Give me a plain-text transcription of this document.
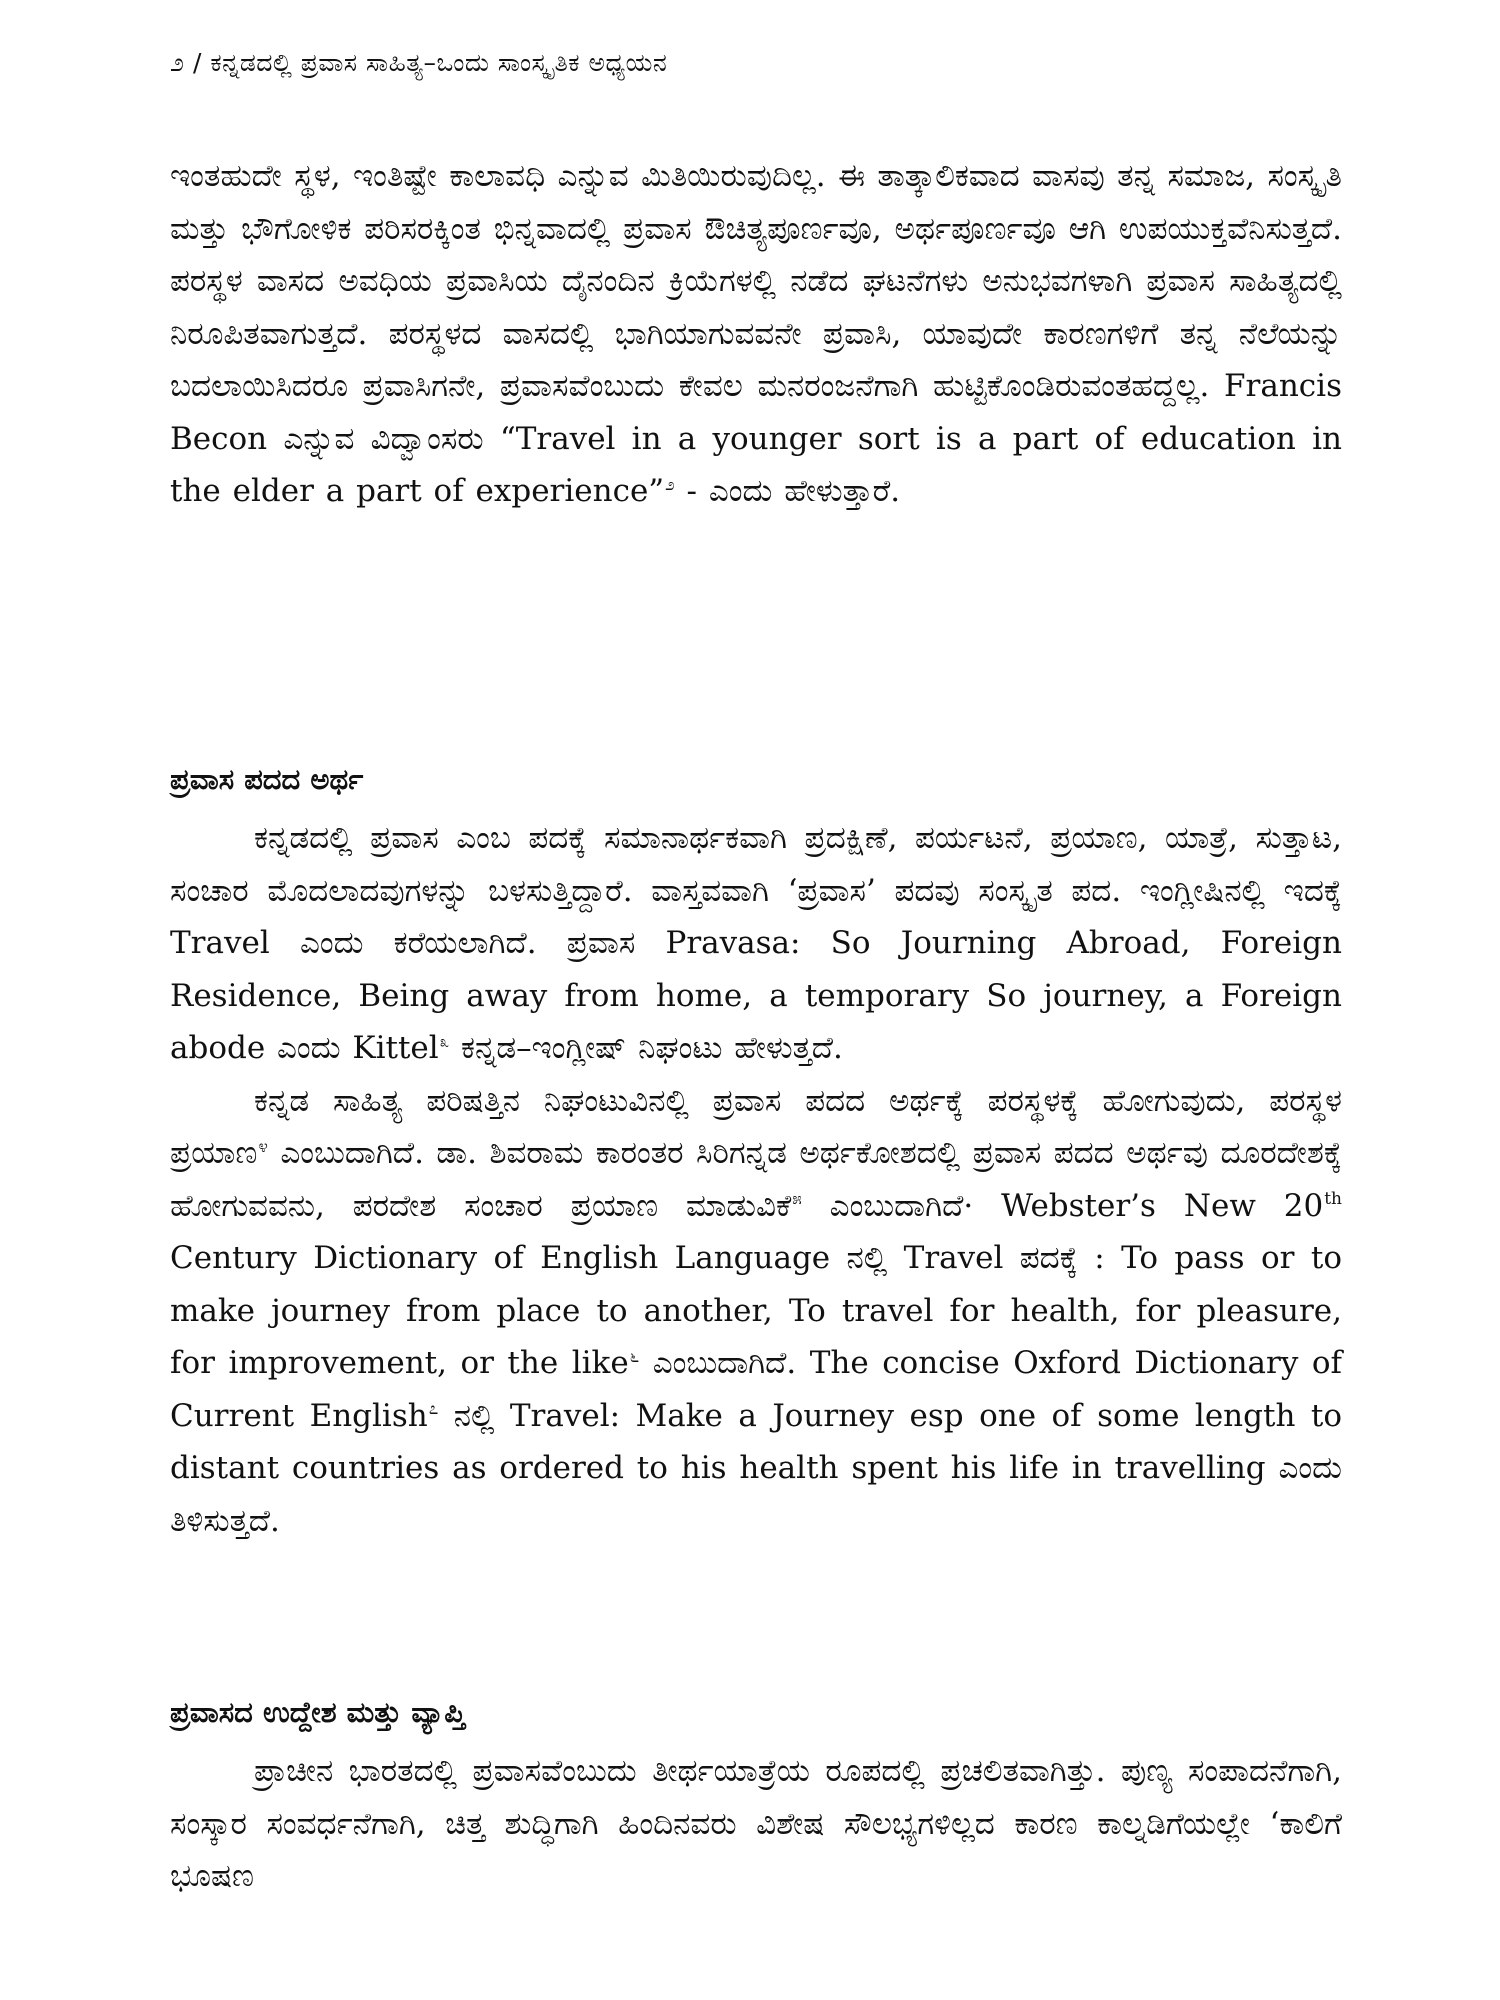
೨ / ಕನ್ನಡದಲ್ಲಿ ಪ್ರವಾಸ ಸಾಹಿತ್ಯ–ಒಂದು ಸಾಂಸ್ಕೃತಿಕ ಅಧ್ಯಯನ

ಇಂತಹುದೇ ಸ್ಥಳ, ಇಂತಿಷ್ಟೇ ಕಾಲಾವಧಿ ಎನ್ನುವ ಮಿತಿಯಿರುವುದಿಲ್ಲ. ಈ ತಾತ್ಕಾಲಿಕವಾದ ವಾಸವು ತನ್ನ ಸಮಾಜ, ಸಂಸ್ಕೃತಿ ಮತ್ತು ಭೌಗೋಳಿಕ ಪರಿಸರಕ್ಕಿಂತ ಭಿನ್ನವಾದಲ್ಲಿ ಪ್ರವಾಸ ಔಚಿತ್ಯಪೂರ್ಣವೂ, ಅರ್ಥಪೂರ್ಣವೂ ಆಗಿ ಉಪಯುಕ್ತವೆನಿಸುತ್ತದೆ. ಪರಸ್ಥಳ ವಾಸದ ಅವಧಿಯ ಪ್ರವಾಸಿಯ ದೈನಂದಿನ ಕ್ರಿಯೆಗಳಲ್ಲಿ ನಡೆದ ಘಟನೆಗಳು ಅನುಭವಗಳಾಗಿ ಪ್ರವಾಸ ಸಾಹಿತ್ಯದಲ್ಲಿ ನಿರೂಪಿತವಾಗುತ್ತದೆ. ಪರಸ್ಥಳದ ವಾಸದಲ್ಲಿ ಭಾಗಿಯಾಗುವವನೇ ಪ್ರವಾಸಿ, ಯಾವುದೇ ಕಾರಣಗಳಿಗೆ ತನ್ನ ನೆಲೆಯನ್ನು ಬದಲಾಯಿಸಿದರೂ ಪ್ರವಾಸಿಗನೇ, ಪ್ರವಾಸವೆಂಬುದು ಕೇವಲ ಮನರಂಜನೆಗಾಗಿ ಹುಟ್ಟಿಕೊಂಡಿರುವಂತಹದ್ದಲ್ಲ. Francis Becon ಎನ್ನುವ ವಿದ್ವಾಂಸರು “Travel in a younger sort is a part of education in the elder a part of experience”$^೨$ - ಎಂದು ಹೇಳುತ್ತಾರೆ.

ಪ್ರವಾಸ ಪದದ ಅರ್ಥ

ಕನ್ನಡದಲ್ಲಿ ಪ್ರವಾಸ ಎಂಬ ಪದಕ್ಕೆ ಸಮಾನಾರ್ಥಕವಾಗಿ ಪ್ರದಕ್ಷಿಣೆ, ಪರ್ಯಟನೆ, ಪ್ರಯಾಣ, ಯಾತ್ರೆ, ಸುತ್ತಾಟ, ಸಂಚಾರ ಮೊದಲಾದವುಗಳನ್ನು ಬಳಸುತ್ತಿದ್ದಾರೆ. ವಾಸ್ತವವಾಗಿ ‘ಪ್ರವಾಸ’ ಪದವು ಸಂಸ್ಕೃತ ಪದ. ಇಂಗ್ಲೀಷಿನಲ್ಲಿ ಇದಕ್ಕೆ Travel ಎಂದು ಕರೆಯಲಾಗಿದೆ. ಪ್ರವಾಸ Pravasa: So Journing Abroad, Foreign Residence, Being away from home, a temporary So journey, a Foreign abode ಎಂದು Kittel$^೩$ ಕನ್ನಡ–ಇಂಗ್ಲೀಷ್ ನಿಘಂಟು ಹೇಳುತ್ತದೆ.

ಕನ್ನಡ ಸಾಹಿತ್ಯ ಪರಿಷತ್ತಿನ ನಿಘಂಟುವಿನಲ್ಲಿ ಪ್ರವಾಸ ಪದದ ಅರ್ಥಕ್ಕೆ ಪರಸ್ಥಳಕ್ಕೆ ಹೋಗುವುದು, ಪರಸ್ಥಳ ಪ್ರಯಾಣ$^೪$ ಎಂಬುದಾಗಿದೆ. ಡಾ. ಶಿವರಾಮ ಕಾರಂತರ ಸಿರಿಗನ್ನಡ ಅರ್ಥಕೋಶದಲ್ಲಿ ಪ್ರವಾಸ ಪದದ ಅರ್ಥವು ದೂರದೇಶಕ್ಕೆ ಹೋಗುವವನು, ಪರದೇಶ ಸಂಚಾರ ಪ್ರಯಾಣ ಮಾಡುವಿಕೆ$^೫$ ಎಂಬುದಾಗಿದೆ· Webster’s New 20th Century Dictionary of English Language ನಲ್ಲಿ Travel ಪದಕ್ಕೆ : To pass or to make journey from place to another, To travel for health, for pleasure, for improvement, or the like$^೬$ ಎಂಬುದಾಗಿದೆ. The concise Oxford Dictionary of Current English$^೭$ ನಲ್ಲಿ Travel: Make a Journey esp one of some length to distant countries as ordered to his health spent his life in travelling ಎಂದು ತಿಳಿಸುತ್ತದೆ.

ಪ್ರವಾಸದ ಉದ್ದೇಶ ಮತ್ತು ವ್ಯಾಪ್ತಿ

ಪ್ರಾಚೀನ ಭಾರತದಲ್ಲಿ ಪ್ರವಾಸವೆಂಬುದು ತೀರ್ಥಯಾತ್ರೆಯ ರೂಪದಲ್ಲಿ ಪ್ರಚಲಿತವಾಗಿತ್ತು. ಪುಣ್ಯ ಸಂಪಾದನೆಗಾಗಿ, ಸಂಸ್ಕಾರ ಸಂವರ್ಧನೆಗಾಗಿ, ಚಿತ್ತ ಶುದ್ಧಿಗಾಗಿ ಹಿಂದಿನವರು ವಿಶೇಷ ಸೌಲಭ್ಯಗಳಿಲ್ಲದ ಕಾರಣ ಕಾಲ್ನಡಿಗೆಯಲ್ಲೇ ‘ಕಾಲಿಗೆ ಭೂಷಣ
